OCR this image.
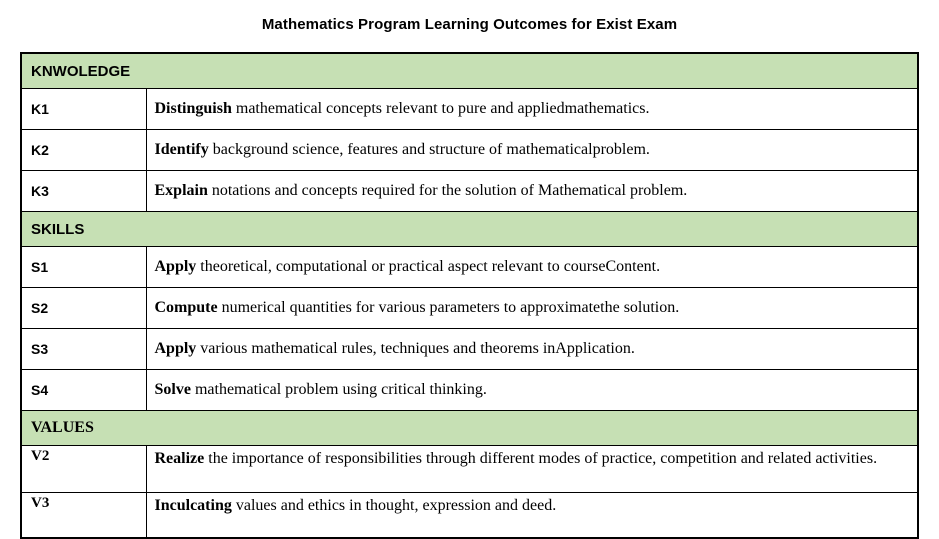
Mathematics Program Learning Outcomes for Exist Exam
KNWOLEDGE	
K1	Distinguish mathematical concepts relevant to pure and appliedmathematics.
K2	Identify background science, features and structure of mathematicalproblem.
K3	Explain notations and concepts required for the solution of Mathematical problem.
SKILLS	
S1	Apply theoretical, computational or practical aspect relevant to courseContent.
S2	Compute numerical quantities for various parameters to approximatethe solution.
S3	Apply various mathematical rules, techniques and theorems inApplication.
S4	Solve mathematical problem using critical thinking.
VALUES	
V2	Realize the importance of responsibilities through different modes of practice, competition and related activities.
V3	Inculcating values and ethics in thought, expression and deed.
